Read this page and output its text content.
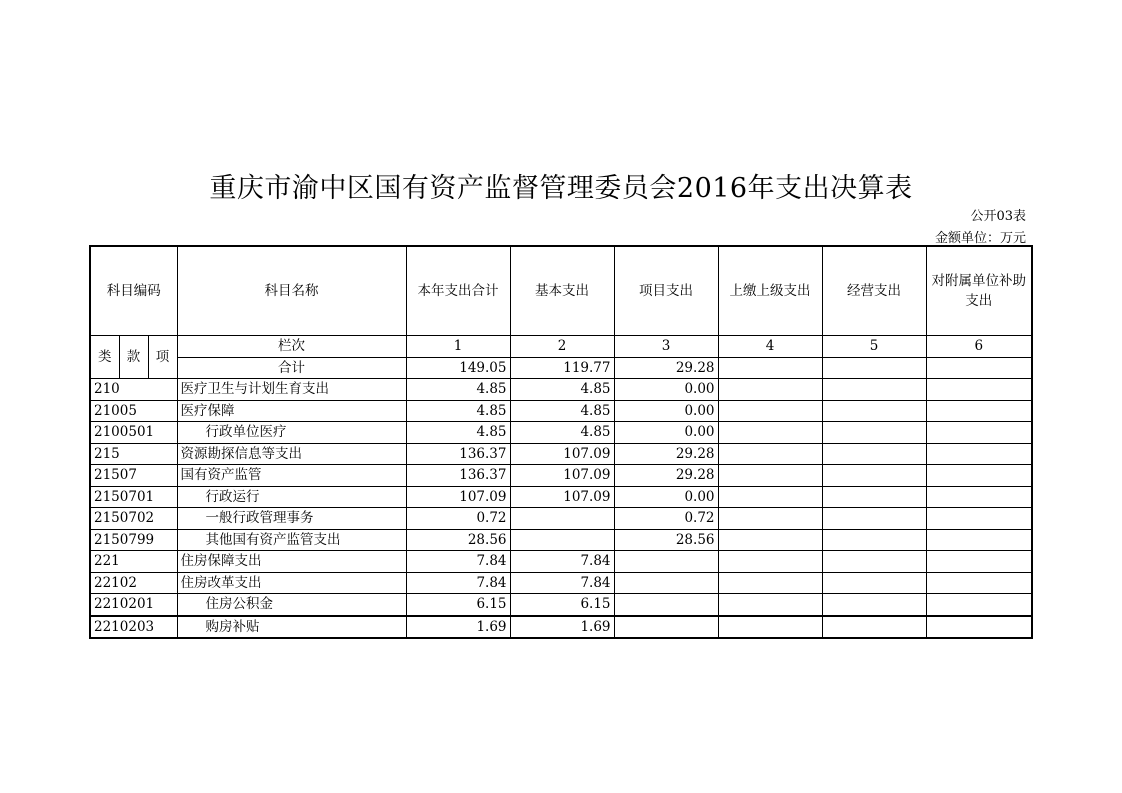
重庆市渝中区国有资产监督管理委员会2016年支出决算表
公开03表
金额单位：万元
科目编码			科目名称	本年支出合计	基本支出	项目支出	上缴上级支出	经营支出	对附属单位补助支出
类	款	项	栏次	1	2	3	4	5	6
			合计	149.05	119.77	29.28			
210			医疗卫生与计划生育支出	4.85	4.85	0.00			
21005			医疗保障	4.85	4.85	0.00			
2100501			行政单位医疗	4.85	4.85	0.00			
215			资源勘探信息等支出	136.37	107.09	29.28			
21507			国有资产监管	136.37	107.09	29.28			
2150701			行政运行	107.09	107.09	0.00			
2150702			一般行政管理事务	0.72		0.72			
2150799			其他国有资产监管支出	28.56		28.56			
221			住房保障支出	7.84	7.84				
22102			住房改革支出	7.84	7.84				
2210201			住房公积金	6.15	6.15				
2210203			购房补贴	1.69	1.69				
